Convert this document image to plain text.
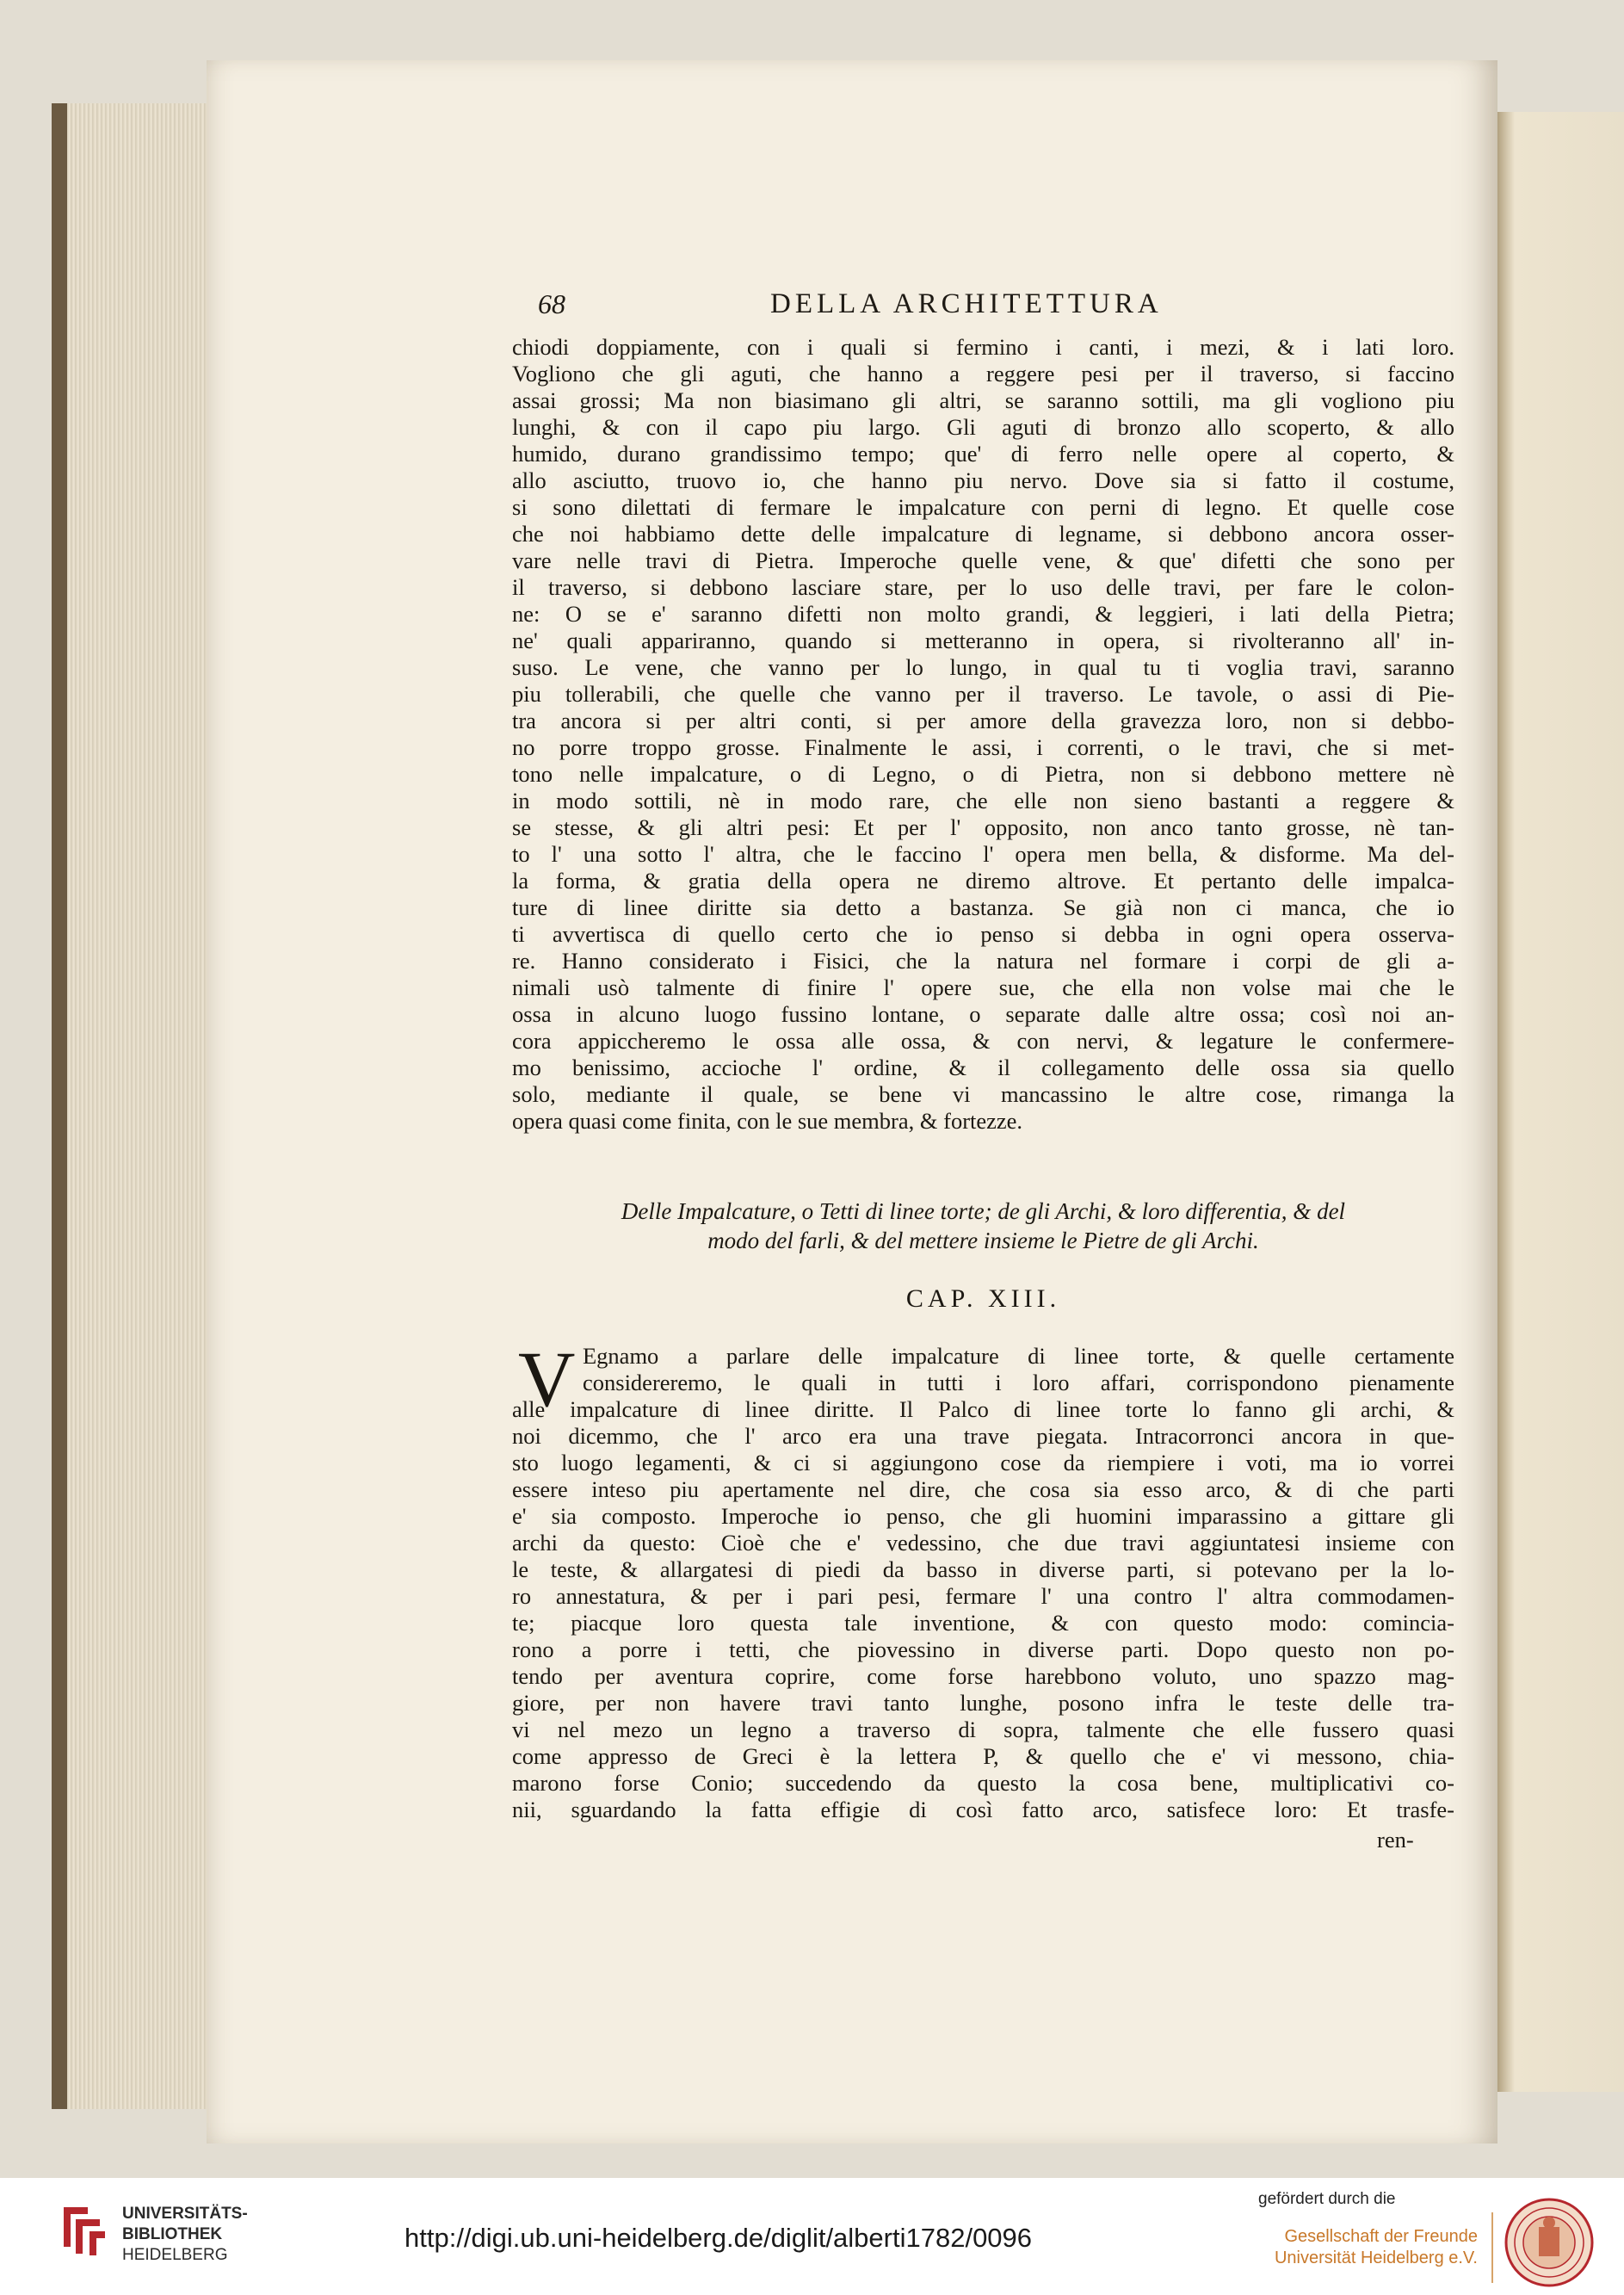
68	DELLA ARCHITETTURA
chiodi doppiamente, con i quali si fermino i canti, i mezi, & i lati loro.
Vogliono che gli aguti, che hanno a reggere pesi per il traverso, si faccino
assai grossi; Ma non biasimano gli altri, se saranno sottili, ma gli vogliono piu
lunghi, & con il capo piu largo. Gli aguti di bronzo allo scoperto, & allo
humido, durano grandissimo tempo; que' di ferro nelle opere al coperto, &
allo asciutto, truovo io, che hanno piu nervo. Dove sia si fatto il costume,
si sono dilettati di fermare le impalcature con perni di legno. Et quelle cose
che noi habbiamo dette delle impalcature di legname, si debbono ancora osser-
vare nelle travi di Pietra. Imperoche quelle vene, & que' difetti che sono per
il traverso, si debbono lasciare stare, per lo uso delle travi, per fare le colon-
ne: O se e' saranno difetti non molto grandi, & leggieri, i lati della Pietra;
ne' quali appariranno, quando si metteranno in opera, si rivolteranno all' in-
suso. Le vene, che vanno per lo lungo, in qual tu ti voglia travi, saranno
piu tollerabili, che quelle che vanno per il traverso. Le tavole, o assi di Pie-
tra ancora si per altri conti, si per amore della gravezza loro, non si debbo-
no porre troppo grosse. Finalmente le assi, i correnti, o le travi, che si met-
tono nelle impalcature, o di Legno, o di Pietra, non si debbono mettere nè
in modo sottili, nè in modo rare, che elle non sieno bastanti a reggere &
se stesse, & gli altri pesi: Et per l' opposito, non anco tanto grosse, nè tan-
to l' una sotto l' altra, che le faccino l' opera men bella, & disforme. Ma del-
la forma, & gratia della opera ne diremo altrove. Et pertanto delle impalca-
ture di linee diritte sia detto a bastanza. Se già non ci manca, che io
ti avvertisca di quello certo che io penso si debba in ogni opera osserva-
re. Hanno considerato i Fisici, che la natura nel formare i corpi de gli a-
nimali usò talmente di finire l' opere sue, che ella non volse mai che le
ossa in alcuno luogo fussino lontane, o separate dalle altre ossa; così noi an-
cora appiccheremo le ossa alle ossa, & con nervi, & legature le confermere-
mo benissimo, accioche l' ordine, & il collegamento delle ossa sia quello
solo, mediante il quale, se bene vi mancassino le altre cose, rimanga la
opera quasi come finita, con le sue membra, & fortezze.
Delle Impalcature, o Tetti di linee torte; de gli Archi, & loro differentia, & del
modo del farli, & del mettere insieme le Pietre de gli Archi.
CAP. XIII.
V Egnamo a parlare delle impalcature di linee torte, & quelle certamente
considereremo, le quali in tutti i loro affari, corrispondono pienamente
alle impalcature di linee diritte. Il Palco di linee torte lo fanno gli archi, &
noi dicemmo, che l' arco era una trave piegata. Intracorronci ancora in que-
sto luogo legamenti, & ci si aggiungono cose da riempiere i voti, ma io vorrei
essere inteso piu apertamente nel dire, che cosa sia esso arco, & di che parti
e' sia composto. Imperoche io penso, che gli huomini imparassino a gittare gli
archi da questo: Cioè che e' vedessino, che due travi aggiuntatesi insieme con
le teste, & allargatesi di piedi da basso in diverse parti, si potevano per la lo-
ro annestatura, & per i pari pesi, fermare l' una contro l' altra commodamen-
te; piacque loro questa tale inventione, & con questo modo: comincia-
rono a porre i tetti, che piovessino in diverse parti. Dopo questo non po-
tendo per aventura coprire, come forse harebbono voluto, uno spazzo mag-
giore, per non havere travi tanto lunghe, posono infra le teste delle tra-
vi nel mezo un legno a traverso di sopra, talmente che elle fussero quasi
come appresso de Greci è la lettera P, & quello che e' vi messono, chia-
marono forse Conio; succedendo da questo la cosa bene, multiplicativi co-
nii, sguardando la fatta effigie di così fatto arco, satisfece loro: Et trasfe-
ren-
UNIVERSITÄTS-
BIBLIOTHEK
HEIDELBERG
http://digi.ub.uni-heidelberg.de/diglit/alberti1782/0096
gefördert durch die
Gesellschaft der Freunde
Universität Heidelberg e.V.
